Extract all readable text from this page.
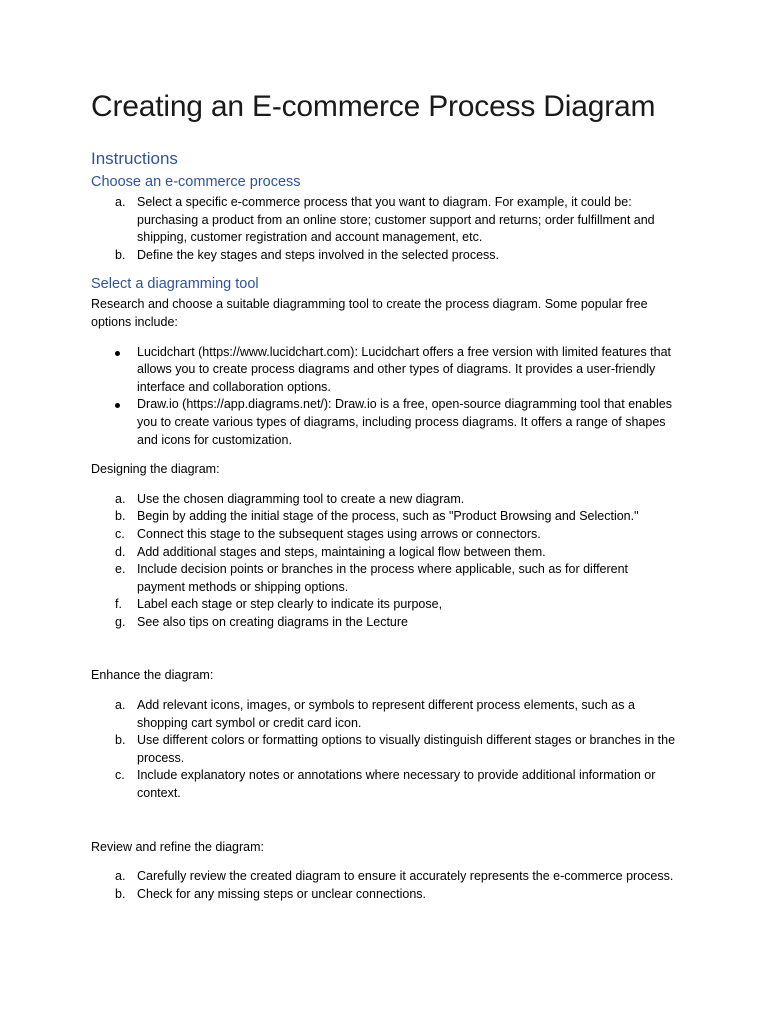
Creating an E-commerce Process Diagram
Instructions
Choose an e-commerce process
a. Select a specific e-commerce process that you want to diagram. For example, it could be: purchasing a product from an online store; customer support and returns; order fulfillment and shipping, customer registration and account management, etc.
b. Define the key stages and steps involved in the selected process.
Select a diagramming tool

Research and choose a suitable diagramming tool to create the process diagram. Some popular free options include:

Lucidchart (https://www.lucidchart.com): Lucidchart offers a free version with limited features that allows you to create process diagrams and other types of diagrams. It provides a user-friendly interface and collaboration options.
Draw.io (https://app.diagrams.net/): Draw.io is a free, open-source diagramming tool that enables you to create various types of diagrams, including process diagrams. It offers a range of shapes and icons for customization.

Designing the diagram:

a. Use the chosen diagramming tool to create a new diagram.
b. Begin by adding the initial stage of the process, such as "Product Browsing and Selection."
c. Connect this stage to the subsequent stages using arrows or connectors.
d. Add additional stages and steps, maintaining a logical flow between them.
e. Include decision points or branches in the process where applicable, such as for different payment methods or shipping options.
f.	Label each stage or step clearly to indicate its purpose,
g. See also tips on creating diagrams in the Lecture

Enhance the diagram:

a. Add relevant icons, images, or symbols to represent different process elements, such as a shopping cart symbol or credit card icon.
b. Use different colors or formatting options to visually distinguish different stages or branches in the process.
c. Include explanatory notes or annotations where necessary to provide additional information or context.

Review and refine the diagram:

a. Carefully review the created diagram to ensure it accurately represents the e-commerce process.
b. Check for any missing steps or unclear connections.
